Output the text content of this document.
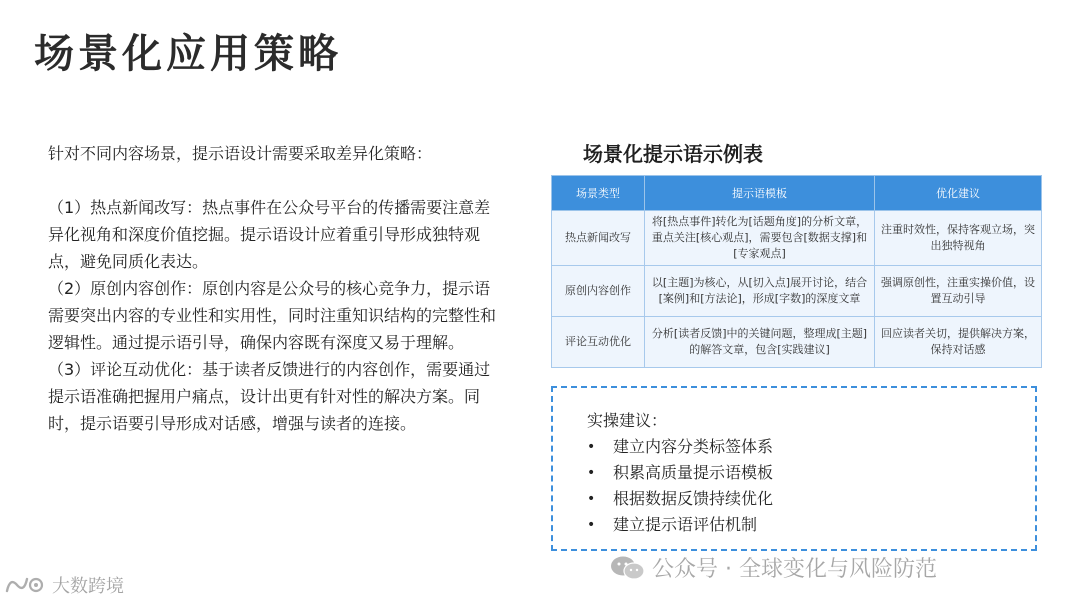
场景化应用策略

针对不同内容场景，提示语设计需要采取差异化策略：

（1）热点新闻改写：热点事件在公众号平台的传播需要注意差异化视角和深度价值挖掘。提示语设计应着重引导形成独特观点，避免同质化表达。

（2）原创内容创作：原创内容是公众号的核心竞争力，提示语需要突出内容的专业性和实用性，同时注重知识结构的完整性和逻辑性。通过提示语引导，确保内容既有深度又易于理解。

（3）评论互动优化：基于读者反馈进行的内容创作，需要通过提示语准确把握用户痛点，设计出更有针对性的解决方案。同时，提示语要引导形成对话感，增强与读者的连接。

场景化提示语示例表
场景类型	提示语模板	优化建议
热点新闻改写	将[热点事件]转化为[话题角度]的分析文章，重点关注[核心观点]，需要包含[数据支撑]和[专家观点]	注重时效性，保持客观立场，突出独特视角
原创内容创作	以[主题]为核心，从[切入点]展开讨论，结合[案例]和[方法论]，形成[字数]的深度文章	强调原创性，注重实操价值，设置互动引导
评论互动优化	分析[读者反馈]中的关键问题，整理成[主题]的解答文章，包含[实践建议]	回应读者关切，提供解决方案，保持对话感
实操建议：
•	建立内容分类标签体系
•	积累高质量提示语模板
•	根据数据反馈持续优化
•	建立提示语评估机制
公众号 · 全球变化与风险防范
大数跨境
